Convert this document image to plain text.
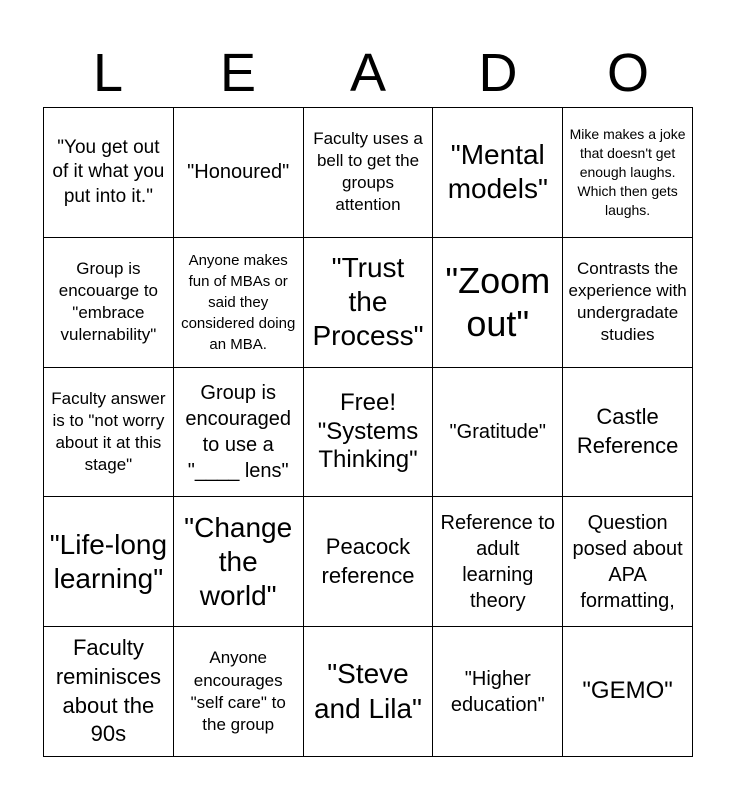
L	E	A	D	O
"You get out of it what you put into it."
"Honoured"
Faculty uses a bell to get the groups attention
"Mental models"
Mike makes a joke that doesn't get enough laughs. Which then gets laughs.
Group is encouarge to "embrace vulernability"
Anyone makes fun of MBAs or said they considered doing an MBA.
"Trust the Process"
"Zoom out"
Contrasts the experience with undergradate studies
Faculty answer is to "not worry about it at this stage"
Group is encouraged to use a "____ lens"
Free! "Systems Thinking"
"Gratitude"
Castle Reference
"Life-long learning"
"Change the world"
Peacock reference
Reference to adult learning theory
Question posed about APA formatting,
Faculty reminisces about the 90s
Anyone encourages "self care" to the group
"Steve and Lila"
"Higher education"
"GEMO"
